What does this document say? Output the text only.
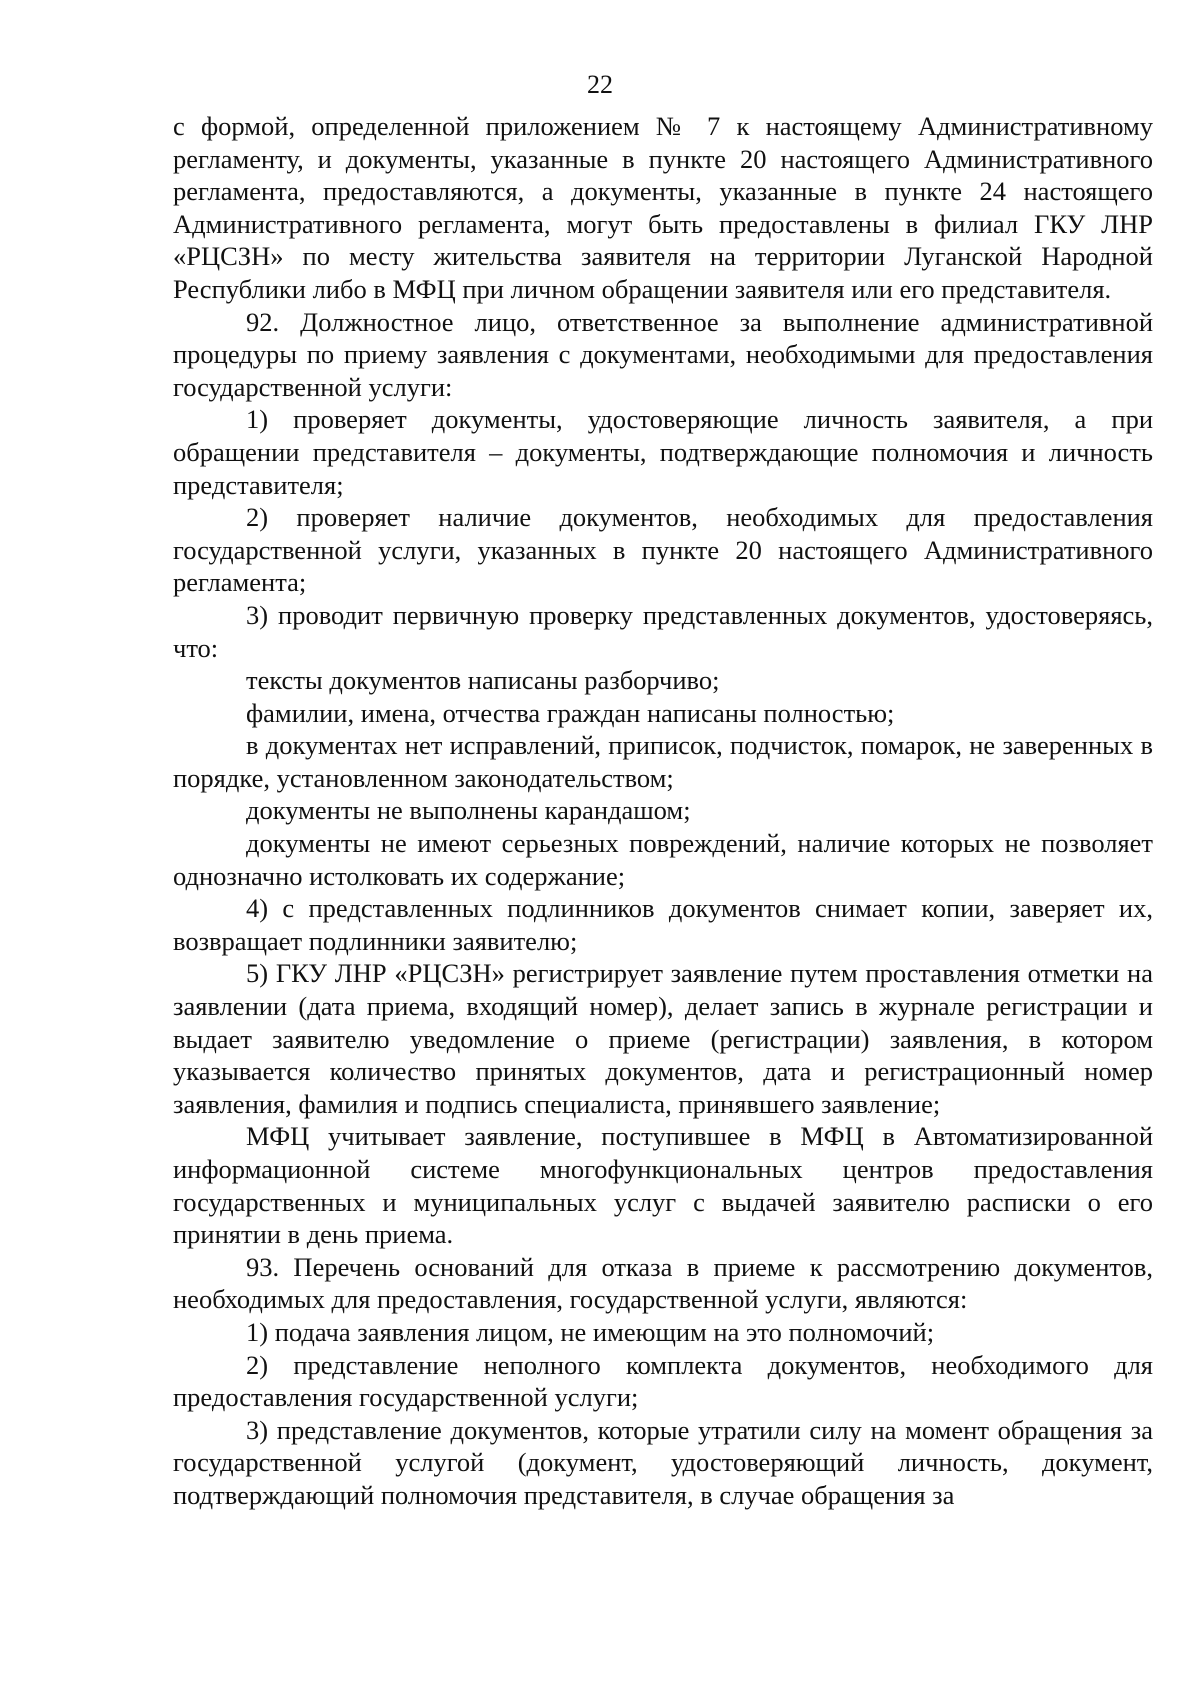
22

с формой, определенной приложением № 7 к настоящему Административному регламенту, и документы, указанные в пункте 20 настоящего Административного регламента, предоставляются, а документы, указанные в пункте 24 настоящего Административного регламента, могут быть предоставлены в филиал ГКУ ЛНР «РЦСЗН» по месту жительства заявителя на территории Луганской Народной Республики либо в МФЦ при личном обращении заявителя или его представителя.

92. Должностное лицо, ответственное за выполнение административной процедуры по приему заявления с документами, необходимыми для предоставления государственной услуги:

1) проверяет документы, удостоверяющие личность заявителя, а при обращении представителя – документы, подтверждающие полномочия и личность представителя;

2) проверяет наличие документов, необходимых для предоставления государственной услуги, указанных в пункте 20 настоящего Административного регламента;

3) проводит первичную проверку представленных документов, удостоверяясь, что:

тексты документов написаны разборчиво;

фамилии, имена, отчества граждан написаны полностью;

в документах нет исправлений, приписок, подчисток, помарок, не заверенных в порядке, установленном законодательством;

документы не выполнены карандашом;

документы не имеют серьезных повреждений, наличие которых не позволяет однозначно истолковать их содержание;

4) с представленных подлинников документов снимает копии, заверяет их, возвращает подлинники заявителю;

5) ГКУ ЛНР «РЦСЗН» регистрирует заявление путем проставления отметки на заявлении (дата приема, входящий номер), делает запись в журнале регистрации и выдает заявителю уведомление о приеме (регистрации) заявления, в котором указывается количество принятых документов, дата и регистрационный номер заявления, фамилия и подпись специалиста, принявшего заявление;

МФЦ учитывает заявление, поступившее в МФЦ в Автоматизированной информационной системе многофункциональных центров предоставления государственных и муниципальных услуг с выдачей заявителю расписки о его принятии в день приема.

93. Перечень оснований для отказа в приеме к рассмотрению документов, необходимых для предоставления, государственной услуги, являются:

1) подача заявления лицом, не имеющим на это полномочий;

2) представление неполного комплекта документов, необходимого для предоставления государственной услуги;

3) представление документов, которые утратили силу на момент обращения за государственной услугой (документ, удостоверяющий личность, документ, подтверждающий полномочия представителя, в случае обращения за
